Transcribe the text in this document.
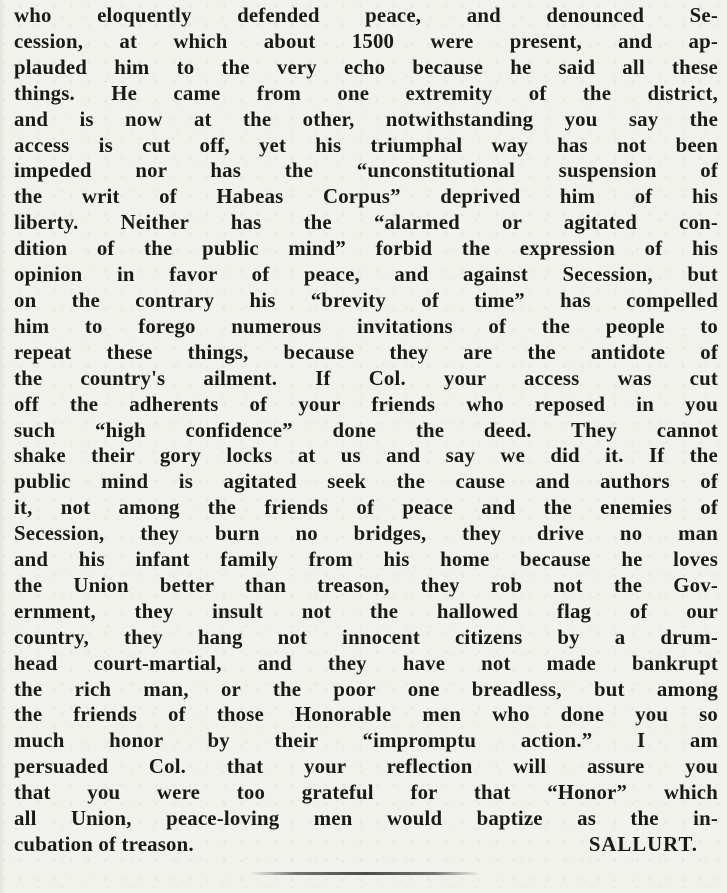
who eloquently defended peace, and denounced Se-
cession, at which about 1500 were present, and ap-
plauded him to the very echo because he said all these
things. He came from one extremity of the district,
and is now at the other, notwithstanding you say the
access is cut off, yet his triumphal way has not been
impeded nor has the “unconstitutional suspension of
the writ of Habeas Corpus” deprived him of his
liberty. Neither has the “alarmed or agitated con-
dition of the public mind” forbid the expression of his
opinion in favor of peace, and against Secession, but
on the contrary his “brevity of time” has compelled
him to forego numerous invitations of the people to
repeat these things, because they are the antidote of
the country's ailment. If Col. your access was cut
off the adherents of your friends who reposed in you
such “high confidence” done the deed. They cannot
shake their gory locks at us and say we did it. If the
public mind is agitated seek the cause and authors of
it, not among the friends of peace and the enemies of
Secession, they burn no bridges, they drive no man
and his infant family from his home because he loves
the Union better than treason, they rob not the Gov-
ernment, they insult not the hallowed flag of our
country, they hang not innocent citizens by a drum-
head court-martial, and they have not made bankrupt
the rich man, or the poor one breadless, but among
the friends of those Honorable men who done you so
much honor by their “impromptu action.” I am
persuaded Col. that your reflection will assure you
that you were too grateful for that “Honor” which
all Union, peace-loving men would baptize as the in-
cubation of treason.	SALLURT.
